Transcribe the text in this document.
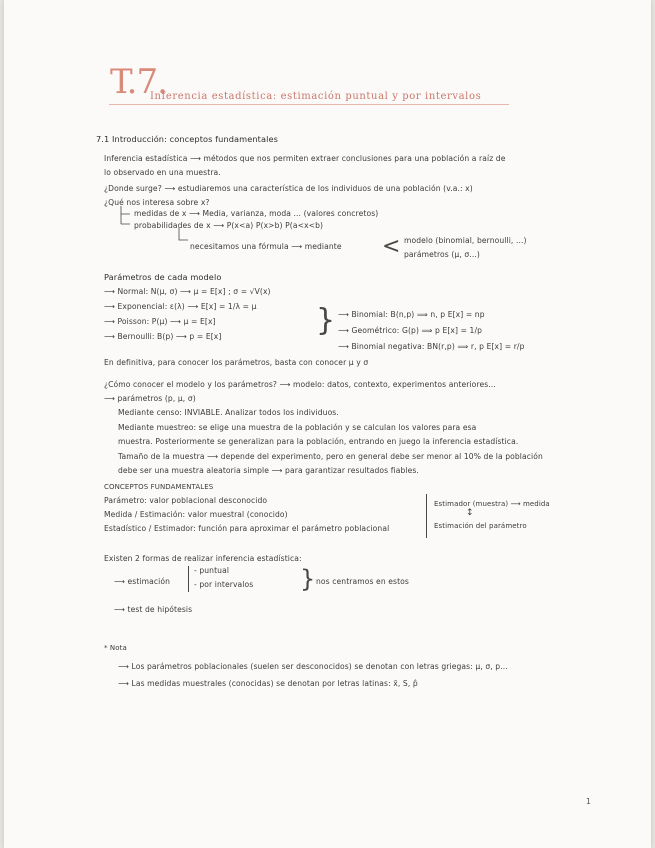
T.7.
Inferencia estadística: estimación puntual y por intervalos
7.1 Introducción: conceptos fundamentales
Inferencia estadística ⟶ métodos que nos permiten extraer conclusiones para una población a raíz de
lo observado en una muestra.
¿Donde surge? ⟶ estudiaremos una característica de los individuos de una población (v.a.: x)
¿Qué nos interesa sobre x?
medidas de x ⟶ Media, varianza, moda ... (valores concretos)
probabilidades de x ⟶ P(x<a) P(x>b) P(a<x<b)
necesitamos una fórmula ⟶ mediante < modelo (binomial, bernoulli, ...)
parámetros (μ, σ...)
Parámetros de cada modelo
⟶ Normal: N(μ, σ) ⟶ μ = E[x] ; σ = √V(x)
⟶ Exponencial: ε(λ) ⟶ E[x] = 1/λ = μ
⟶ Poisson: P(μ) ⟶ μ = E[x]
⟶ Bernoulli: B(p) ⟶ p = E[x]	} ⟶ Binomial: B(n,p) ⟹ n, p E[x] = np
⟶ Geométrico: G(p) ⟹ p E[x] = 1/p
⟶ Binomial negativa: BN(r,p) ⟹ r, p E[x] = r/p
En definitiva, para conocer los parámetros, basta con conocer μ y σ
¿Cómo conocer el modelo y los parámetros? ⟶ modelo: datos, contexto, experimentos anteriores...
⟶ parámetros (p, μ, σ)
Mediante censo: INVIABLE. Analizar todos los individuos.
Mediante muestreo: se elige una muestra de la población y se calculan los valores para esa
muestra. Posteriormente se generalizan para la población, entrando en juego la inferencia estadística.
Tamaño de la muestra ⟶ depende del experimento, pero en general debe ser menor al 10% de la población
debe ser una muestra aleatoria simple ⟶ para garantizar resultados fiables.
CONCEPTOS FUNDAMENTALES
Parámetro: valor poblacional desconocido
Medida / Estimación: valor muestral (conocido)
Estadístico / Estimador: función para aproximar el parámetro poblacional
Estimador (muestra) ⟶ medida
↕
Estimación del parámetro
Existen 2 formas de realizar inferencia estadística:
⟶ estimación
- puntual
- por intervalos } nos centramos en estos
⟶ test de hipótesis
* Nota
⟶ Los parámetros poblacionales (suelen ser desconocidos) se denotan con letras griegas: μ, σ, p...
⟶ Las medidas muestrales (conocidas) se denotan por letras latinas: x̄, S, p̂
1
